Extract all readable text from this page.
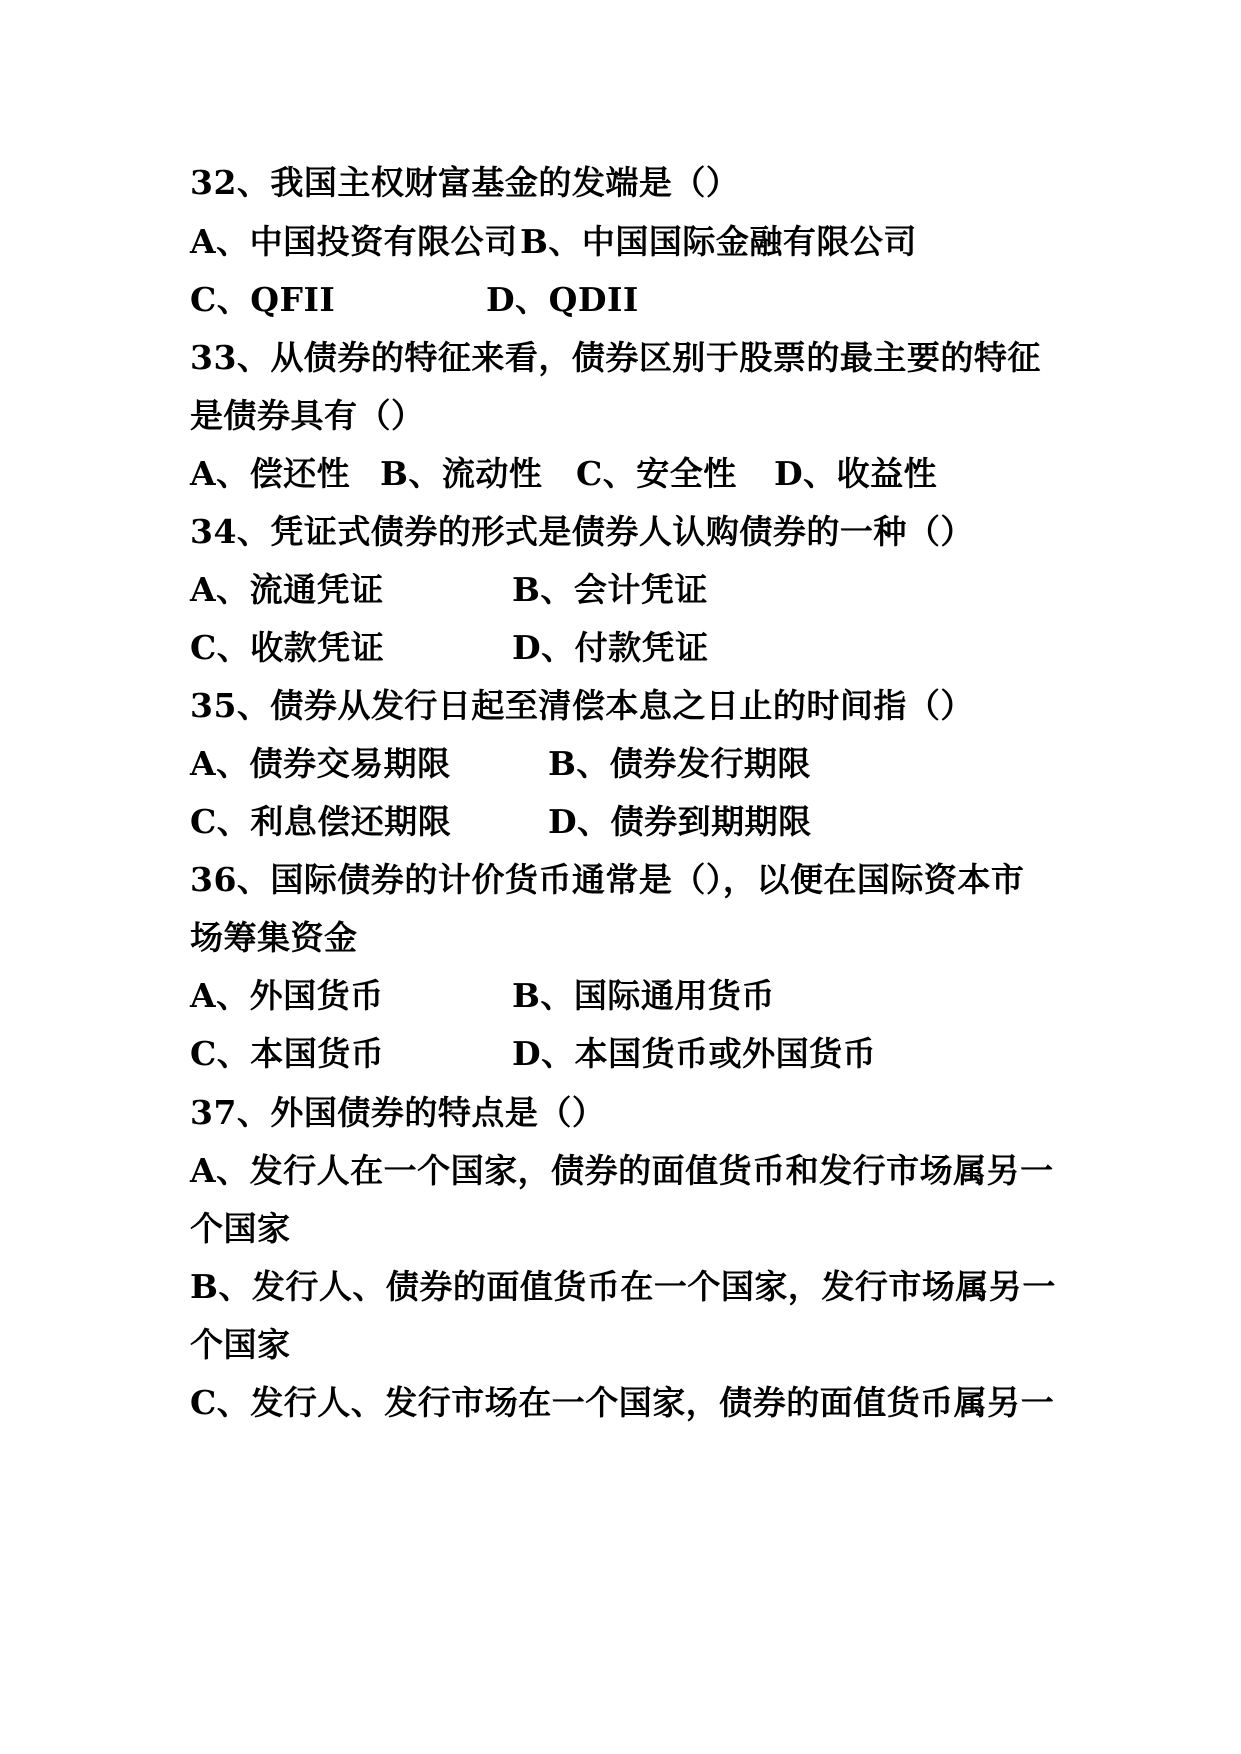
32、我国主权财富基金的发端是（）
A、中国投资有限公司 B、中国国际金融有限公司
C、QFII	D、QDII
33、从债券的特征来看，债券区别于股票的最主要的特征
是债券具有（）
A、偿还性 B、流动性 C、安全性 D、收益性
34、凭证式债券的形式是债券人认购债券的一种（）
A、流通凭证	B、会计凭证
C、收款凭证	D、付款凭证
35、债券从发行日起至清偿本息之日止的时间指（）
A、债券交易期限	B、债券发行期限
C、利息偿还期限	D、债券到期期限
36、国际债券的计价货币通常是（），以便在国际资本市
场筹集资金
A、外国货币	B、国际通用货币
C、本国货币	D、本国货币或外国货币
37、外国债券的特点是（）
A、发行人在一个国家，债券的面值货币和发行市场属另一
个国家
B、发行人、债券的面值货币在一个国家，发行市场属另一
个国家
C、发行人、发行市场在一个国家，债券的面值货币属另一
